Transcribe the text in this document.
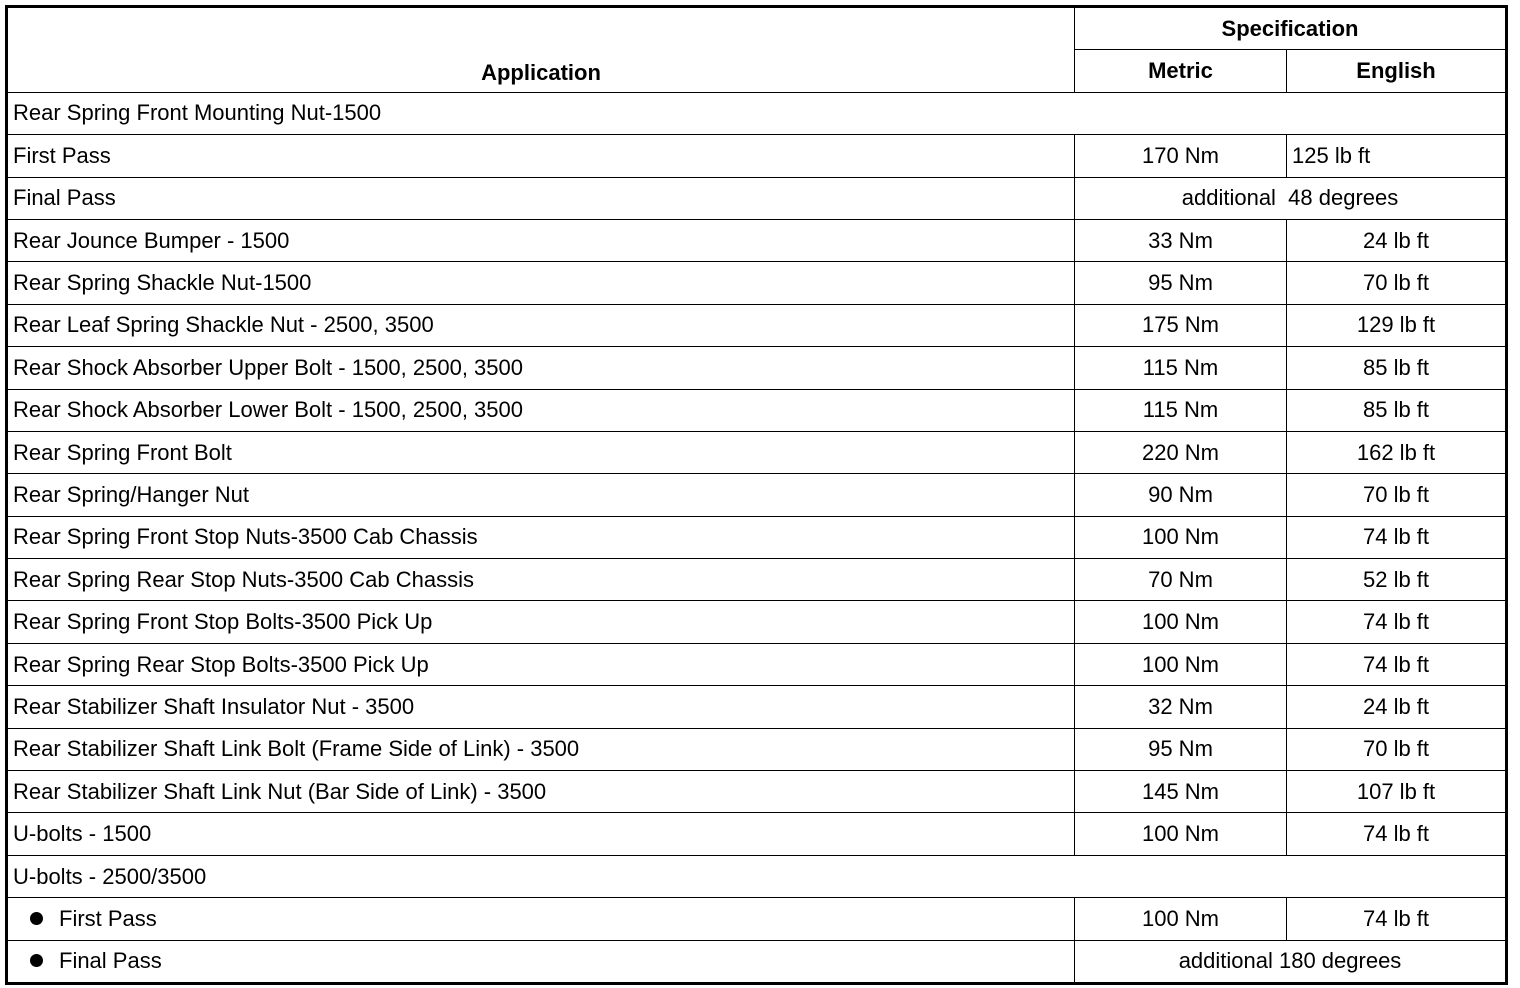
Application	Specification	
	Metric	English
Rear Spring Front Mounting Nut-1500		
First Pass	170 Nm	125 lb ft
Final Pass	additional  48 degrees	
Rear Jounce Bumper - 1500	33 Nm	24 lb ft
Rear Spring Shackle Nut-1500	95 Nm	70 lb ft
Rear Leaf Spring Shackle Nut - 2500, 3500	175 Nm	129 lb ft
Rear Shock Absorber Upper Bolt - 1500, 2500, 3500	115 Nm	85 lb ft
Rear Shock Absorber Lower Bolt - 1500, 2500, 3500	115 Nm	85 lb ft
Rear Spring Front Bolt	220 Nm	162 lb ft
Rear Spring/Hanger Nut	90 Nm	70 lb ft
Rear Spring Front Stop Nuts-3500 Cab Chassis	100 Nm	74 lb ft
Rear Spring Rear Stop Nuts-3500 Cab Chassis	70 Nm	52 lb ft
Rear Spring Front Stop Bolts-3500 Pick Up	100 Nm	74 lb ft
Rear Spring Rear Stop Bolts-3500 Pick Up	100 Nm	74 lb ft
Rear Stabilizer Shaft Insulator Nut - 3500	32 Nm	24 lb ft
Rear Stabilizer Shaft Link Bolt (Frame Side of Link) - 3500	95 Nm	70 lb ft
Rear Stabilizer Shaft Link Nut (Bar Side of Link) - 3500	145 Nm	107 lb ft
U-bolts - 1500	100 Nm	74 lb ft
U-bolts - 2500/3500		
First Pass	100 Nm	74 lb ft
Final Pass	additional 180 degrees	
